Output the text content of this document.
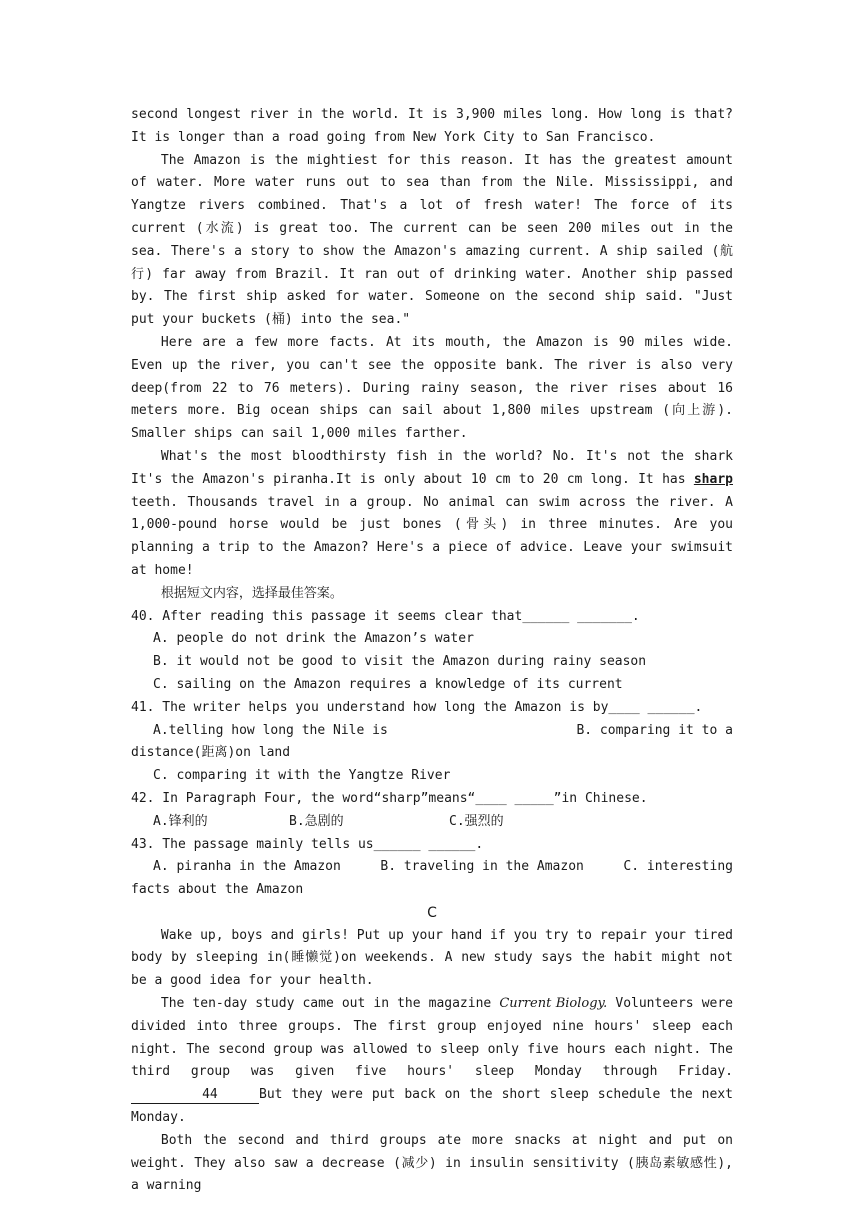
second longest river in the world. It is 3,900 miles long. How long is that? It is longer than a road going from New York City to San Francisco.

The Amazon is the mightiest for this reason. It has the greatest amount of water. More water runs out to sea than from the Nile. Mississippi, and Yangtze rivers combined. That's a lot of fresh water! The force of its current (水流) is great too. The current can be seen 200 miles out in the sea. There's a story to show the Amazon's amazing current. A ship sailed (航行) far away from Brazil. It ran out of drinking water. Another ship passed by. The first ship asked for water. Someone on the second ship said. "Just put your buckets (桶) into the sea."

Here are a few more facts. At its mouth, the Amazon is 90 miles wide. Even up the river, you can't see the opposite bank. The river is also very deep(from 22 to 76 meters). During rainy season, the river rises about 16 meters more. Big ocean ships can sail about 1,800 miles upstream (向上游). Smaller ships can sail 1,000 miles farther.

What's the most bloodthirsty fish in the world? No. It's not the shark It's the Amazon's piranha.It is only about 10 cm to 20 cm long. It has sharp teeth. Thousands travel in a group. No animal can swim across the river. A 1,000-pound horse would be just bones (骨头) in three minutes. Are you planning a trip to the Amazon? Here's a piece of advice. Leave your swimsuit at home!

根据短文内容，选择最佳答案。

40. After reading this passage it seems clear that______ _______.

A. people do not drink the Amazon’s water

B. it would not be good to visit the Amazon during rainy season

C. sailing on the Amazon requires a knowledge of its current

41. The writer helps you understand how long the Amazon is by____ ______.

A.telling how long the Nile is	B. comparing it to a

distance(距离)on land

C. comparing it with the Yangtze River

42. In Paragraph Four, the word“sharp”means“____ _____”in Chinese.

A.锋利的	B.急剧的	C.强烈的

43. The passage mainly tells us______ ______.

A. piranha in the Amazon	B. traveling in the Amazon	C. interesting

facts about the Amazon

C

Wake up, boys and girls! Put up your hand if you try to repair your tired body by sleeping in(睡懒觉)on weekends. A new study says the habit might not be a good idea for your health.

The ten-day study came out in the magazine Current Biology. Volunteers were divided into three groups. The first group enjoyed nine hours' sleep each night. The second group was allowed to sleep only five hours each night. The third group was given five hours' sleep Monday through Friday.44	But they were put back on the short sleep schedule the next Monday.

Both the second and third groups ate more snacks at night and put on weight. They also saw a decrease (减少) in insulin sensitivity (胰岛素敏感性), a warning
